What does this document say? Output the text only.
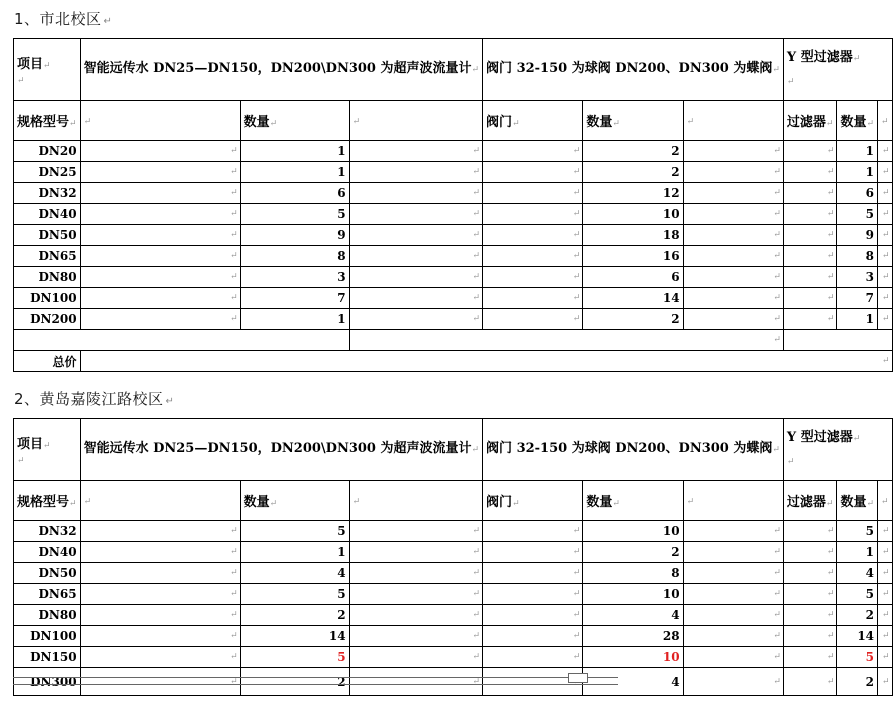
1、市北校区 ↵
项目↵
↵	智能远传水 DN25—DN150，DN200\DN300 为超声波流量计↵			阀门 32-150 为球阀 DN200、DN300 为蝶阀↵			Y 型过滤器↵
↵		
规格型号↵	↵	数量↵	↵	阀门↵	数量↵	↵	过滤器↵	数量↵	↵
DN20	↵	1	↵	↵	2	↵	↵	1	↵

DN25	↵	1	↵	↵	2	↵	↵	1	↵

DN32	↵	6	↵	↵	12	↵	↵	6	↵

DN40	↵	5	↵	↵	10	↵	↵	5	↵

DN50	↵	9	↵	↵	18	↵	↵	9	↵

DN65	↵	8	↵	↵	16	↵	↵	8	↵

DN80	↵	3	↵	↵	6	↵	↵	3	↵

DN100	↵	7	↵	↵	14	↵	↵	7	↵

DN200	↵	1	↵	↵	2	↵	↵	1	↵

			↵						

总价	↵								
2、黄岛嘉陵江路校区 ↵
项目↵
↵	智能远传水 DN25—DN150，DN200\DN300 为超声波流量计↵			阀门 32-150 为球阀 DN200、DN300 为蝶阀↵			Y 型过滤器↵
↵		
规格型号↵	↵	数量↵	↵	阀门↵	数量↵	↵	过滤器↵	数量↵	↵
DN32	↵	5	↵	↵	10	↵	↵	5	↵

DN40	↵	1	↵	↵	2	↵	↵	1	↵

DN50	↵	4	↵	↵	8	↵	↵	4	↵

DN65	↵	5	↵	↵	10	↵	↵	5	↵

DN80	↵	2	↵	↵	4	↵	↵	2	↵

DN100	↵	14	↵	↵	28	↵	↵	14	↵

DN150	↵	5	↵	↵	10	↵	↵	5	↵

DN300	↵	2	↵		4	↵	↵	2	↵
